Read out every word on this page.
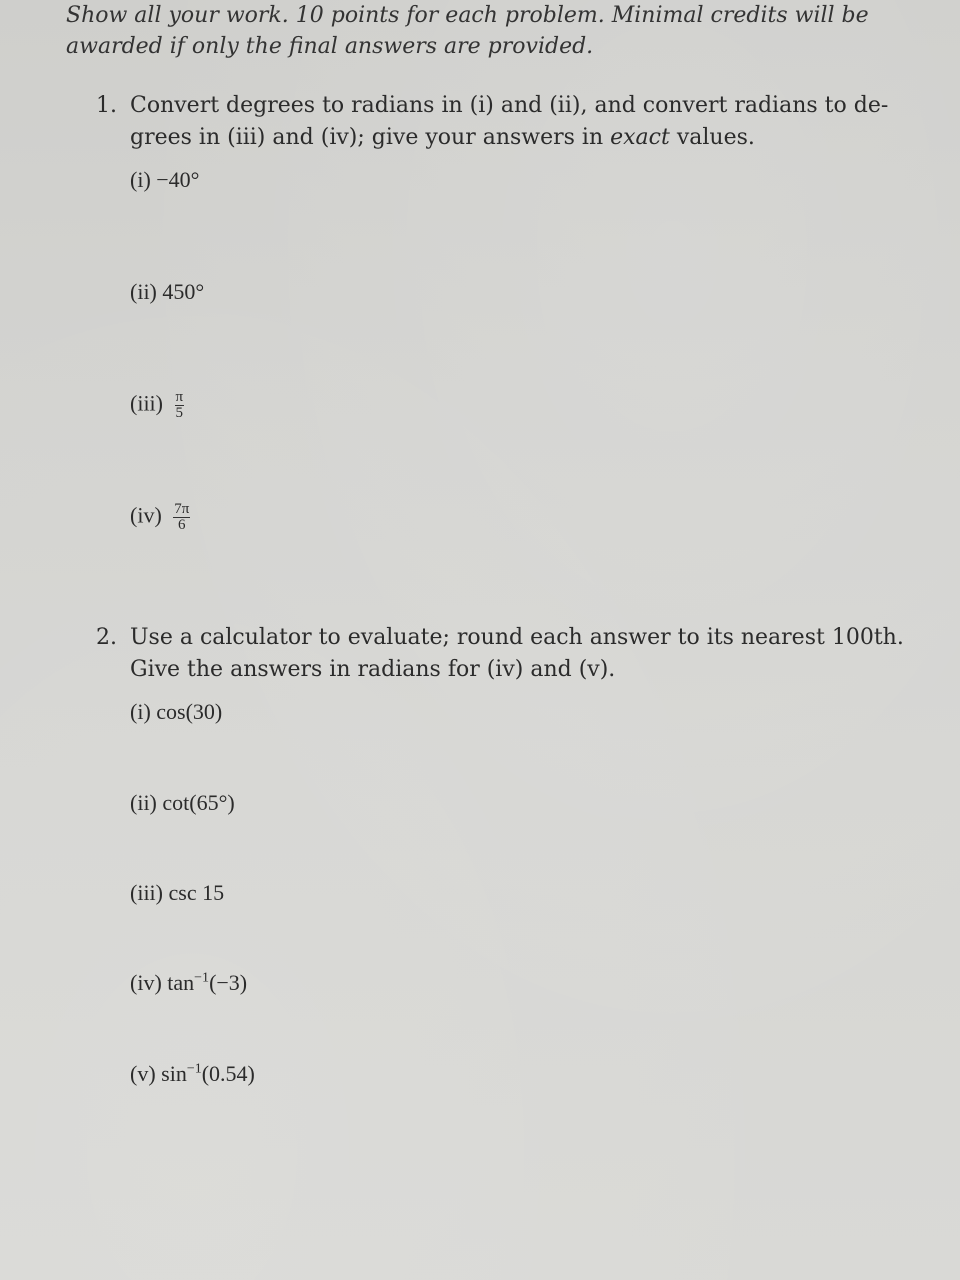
Show all your work. 10 points for each problem. Minimal credits will be
awarded if only the final answers are provided.
1. Convert degrees to radians in (i) and (ii), and convert radians to de-
grees in (iii) and (iv); give your answers in exact values.
(i) −40°
(ii) 450°
$(iii) \frac{\pi}{5}$
$(iv) \frac{7\pi}{6}$
2. Use a calculator to evaluate; round each answer to its nearest 100th.
Give the answers in radians for (iv) and (v).
(i) cos(30)
(ii) cot(65°)
(iii) csc 15
(iv) $\tan^{-1}(-3)$
(v) $\sin^{-1}(0.54)$
